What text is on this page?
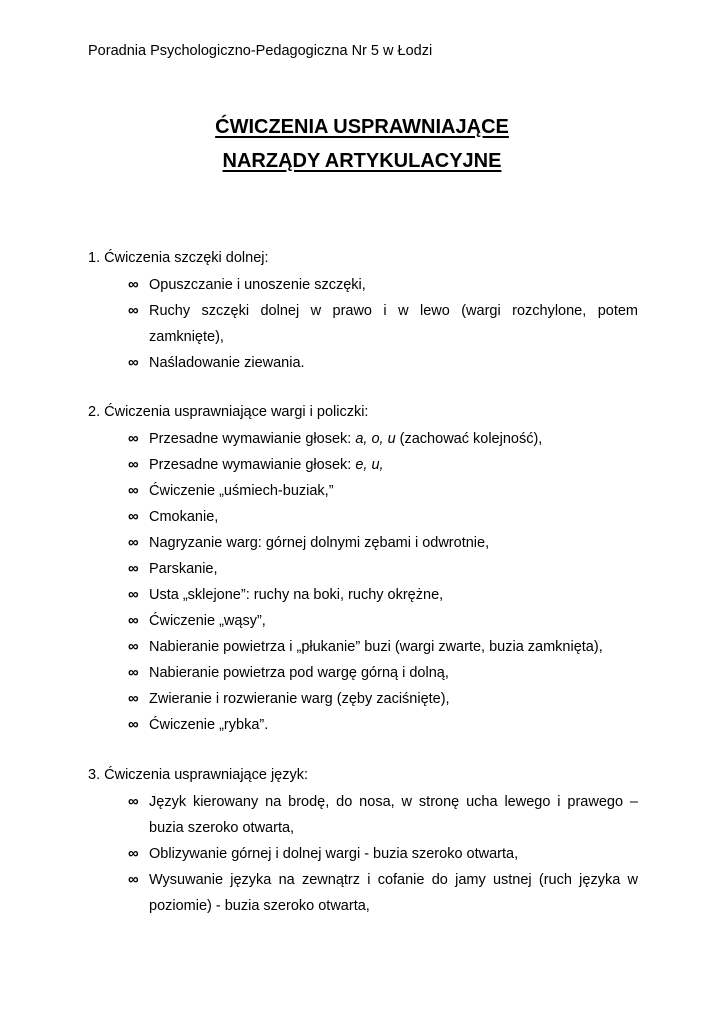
Poradnia Psychologiczno-Pedagogiczna Nr 5 w Łodzi
ĆWICZENIA USPRAWNIAJĄCE
NARZĄDY ARTYKULACYJNE
1. Ćwiczenia szczęki dolnej:
∞ Opuszczanie i unoszenie szczęki,
∞ Ruchy szczęki dolnej w prawo i w lewo (wargi rozchylone, potem zamknięte),
∞ Naśladowanie ziewania.
2. Ćwiczenia usprawniające wargi i policzki:
∞ Przesadne wymawianie głosek: a, o, u (zachować kolejność),
∞ Przesadne wymawianie głosek: e, u,
∞ Ćwiczenie „uśmiech-buziak,”
∞ Cmokanie,
∞ Nagryzanie warg: górnej dolnymi zębami i odwrotnie,
∞ Parskanie,
∞ Usta „sklejone”: ruchy na boki, ruchy okrężne,
∞ Ćwiczenie „wąsy”,
∞ Nabieranie powietrza i „płukanie” buzi (wargi zwarte, buzia zamknięta),
∞ Nabieranie powietrza pod wargę górną i dolną,
∞ Zwieranie i rozwieranie warg (zęby zaciśnięte),
∞ Ćwiczenie „rybka”.
3. Ćwiczenia usprawniające język:
∞ Język kierowany na brodę, do nosa, w stronę ucha lewego i prawego – buzia szeroko otwarta,
∞ Oblizywanie górnej i dolnej wargi - buzia szeroko otwarta,
∞ Wysuwanie języka na zewnątrz i cofanie do jamy ustnej (ruch języka w poziomie) - buzia szeroko otwarta,
